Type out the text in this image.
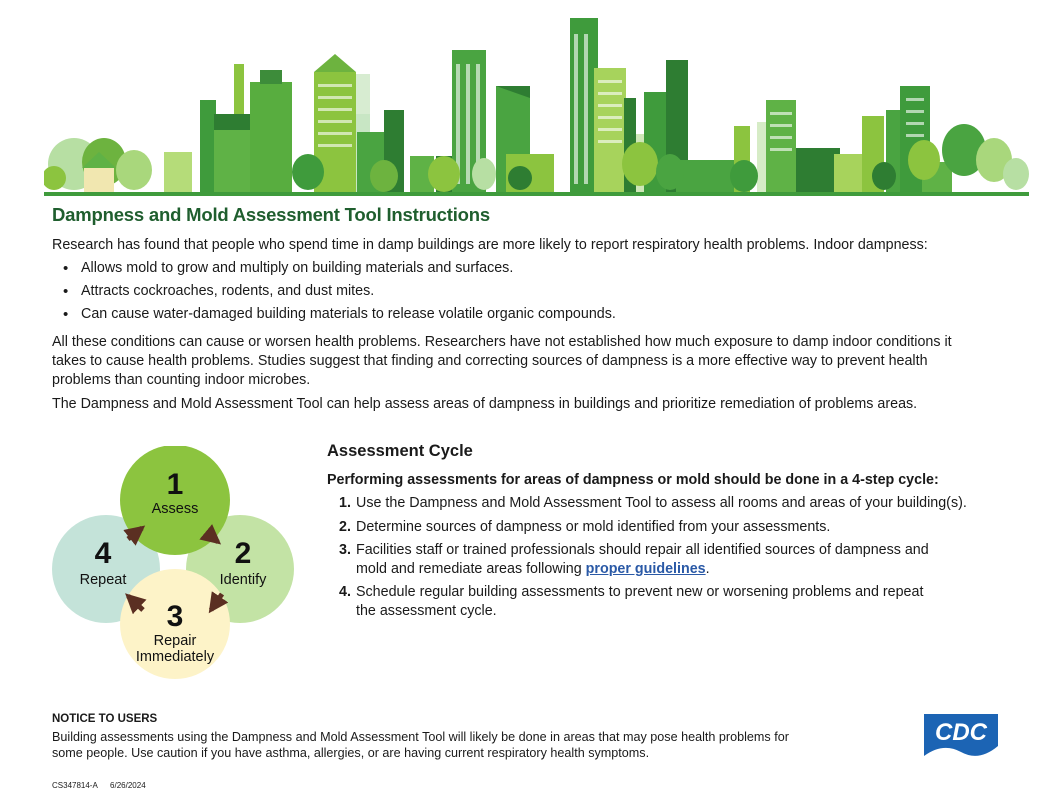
Dampness and Mold Assessment Tool Instructions

Research has found that people who spend time in damp buildings are more likely to report respiratory health problems. Indoor dampness:

• Allows mold to grow and multiply on building materials and surfaces.
• Attracts cockroaches, rodents, and dust mites.
• Can cause water-damaged building materials to release volatile organic compounds.

All these conditions can cause or worsen health problems. Researchers have not established how much exposure to damp indoor conditions it takes to cause health problems. Studies suggest that finding and correcting sources of dampness is a more effective way to prevent health problems than counting indoor microbes.

The Dampness and Mold Assessment Tool can help assess areas of dampness in buildings and prioritize remediation of problems areas.

1
Assess
2
Identify
3
Repair
Immediately
4
Repeat
Assessment Cycle

Performing assessments for areas of dampness or mold should be done in a 4-step cycle:

1. Use the Dampness and Mold Assessment Tool to assess all rooms and areas of your building(s).
2. Determine sources of dampness or mold identified from your assessments.
3. Facilities staff or trained professionals should repair all identified sources of dampness and mold and remediate areas following proper guidelines.
4. Schedule regular building assessments to prevent new or worsening problems and repeat the assessment cycle.

NOTICE TO USERS

Building assessments using the Dampness and Mold Assessment Tool will likely be done in areas that may pose health problems for some people. Use caution if you have asthma, allergies, or are having current respiratory health symptoms.

CS347814-A 6/26/2024
CDC
